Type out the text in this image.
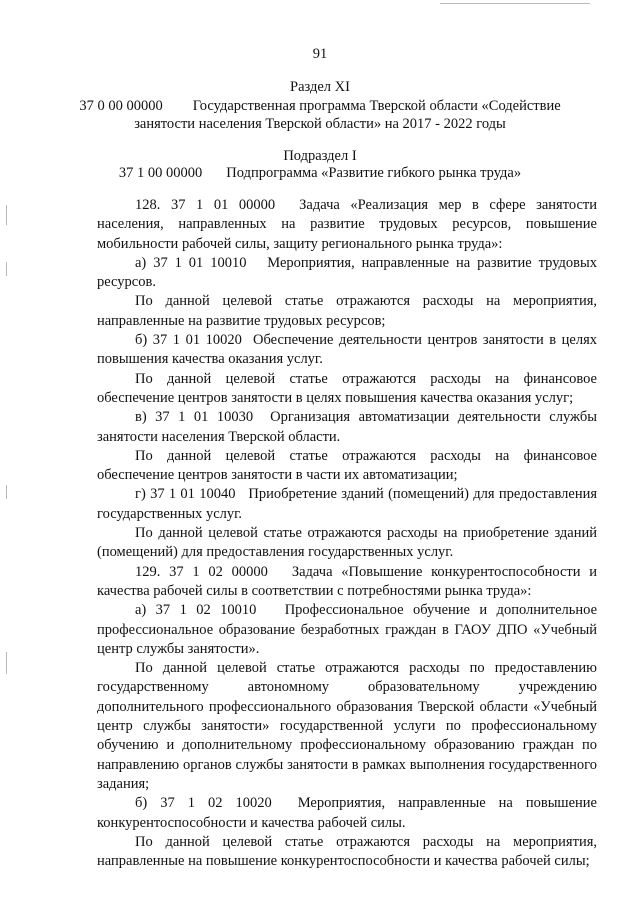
91
Раздел XI
37 0 00 00000 Государственная программа Тверской области «Содействие
занятости населения Тверской области» на 2017 - 2022 годы
Подраздел I
37 1 00 00000 Подпрограмма «Развитие гибкого рынка труда»

128. 37 1 01 00000 Задача «Реализация мер в сфере занятости населения, направленных на развитие трудовых ресурсов, повышение мобильности рабочей силы, защиту регионального рынка труда»:

а) 37 1 01 10010 Мероприятия, направленные на развитие трудовых ресурсов.

По данной целевой статье отражаются расходы на мероприятия, направленные на развитие трудовых ресурсов;

б) 37 1 01 10020 Обеспечение деятельности центров занятости в целях повышения качества оказания услуг.

По данной целевой статье отражаются расходы на финансовое обеспечение центров занятости в целях повышения качества оказания услуг;

в) 37 1 01 10030 Организация автоматизации деятельности службы занятости населения Тверской области.

По данной целевой статье отражаются расходы на финансовое обеспечение центров занятости в части их автоматизации;

г) 37 1 01 10040 Приобретение зданий (помещений) для предоставления государственных услуг.

По данной целевой статье отражаются расходы на приобретение зданий (помещений) для предоставления государственных услуг.

129. 37 1 02 00000 Задача «Повышение конкурентоспособности и качества рабочей силы в соответствии с потребностями рынка труда»:

а) 37 1 02 10010 Профессиональное обучение и дополнительное профессиональное образование безработных граждан в ГАОУ ДПО «Учебный центр службы занятости».

По данной целевой статье отражаются расходы по предоставлению государственному автономному образовательному учреждению дополнительного профессионального образования Тверской области «Учебный центр службы занятости» государственной услуги по профессиональному обучению и дополнительному профессиональному образованию граждан по направлению органов службы занятости в рамках выполнения государственного задания;

б) 37 1 02 10020 Мероприятия, направленные на повышение конкурентоспособности и качества рабочей силы.

По данной целевой статье отражаются расходы на мероприятия, направленные на повышение конкурентоспособности и качества рабочей силы;
